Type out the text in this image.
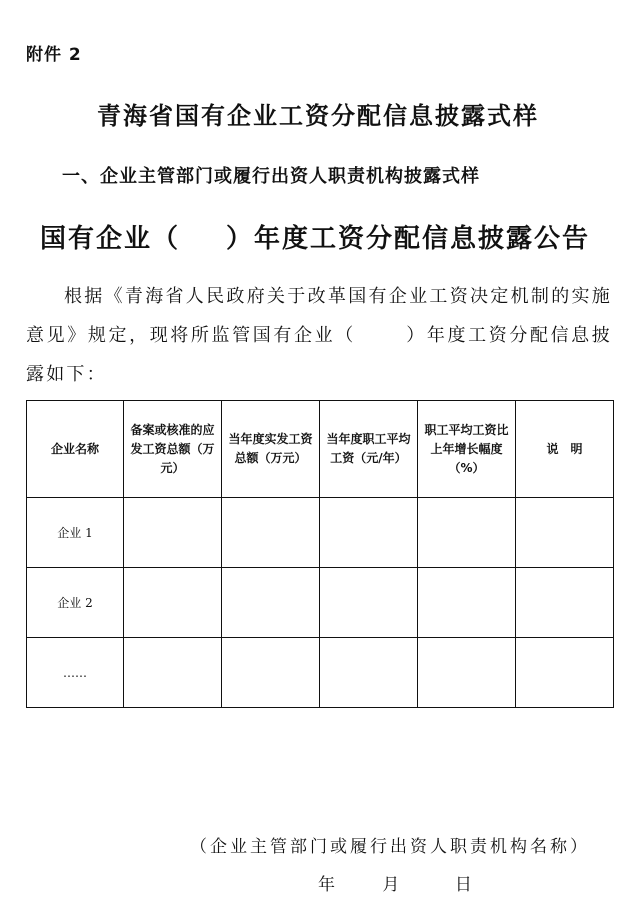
附件 2
青海省国有企业工资分配信息披露式样
一、企业主管部门或履行出资人职责机构披露式样
国有企业（ ）年度工资分配信息披露公告
根据《青海省人民政府关于改革国有企业工资决定机制的实施意见》规定，现将所监管国有企业（	）年度工资分配信息披露如下：
企业名称	备案或核准的应发工资总额（万元）	当年度实发工资总额（万元）	当年度职工平均工资（元/年）	职工平均工资比上年增长幅度（%）	说　明
企业 1					
企业 2					
……					
（企业主管部门或履行出资人职责机构名称）
年	月	日
